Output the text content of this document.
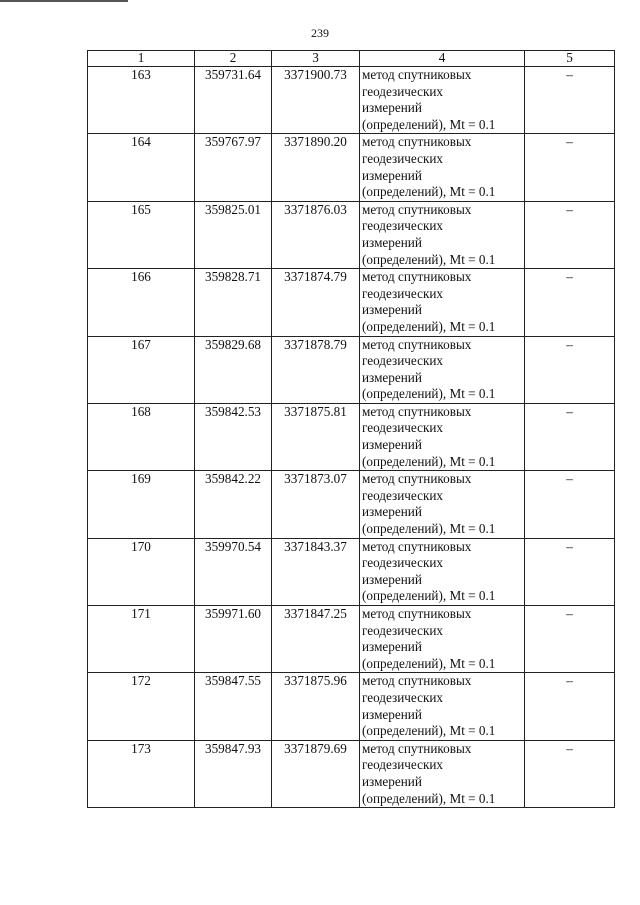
239
1	2	3	4	5
163	359731.64	3371900.73	метод спутниковых
геодезических
измерений
(определений), Mt = 0.1	–
164	359767.97	3371890.20	метод спутниковых
геодезических
измерений
(определений), Mt = 0.1	–
165	359825.01	3371876.03	метод спутниковых
геодезических
измерений
(определений), Mt = 0.1	–
166	359828.71	3371874.79	метод спутниковых
геодезических
измерений
(определений), Mt = 0.1	–
167	359829.68	3371878.79	метод спутниковых
геодезических
измерений
(определений), Mt = 0.1	–
168	359842.53	3371875.81	метод спутниковых
геодезических
измерений
(определений), Mt = 0.1	–
169	359842.22	3371873.07	метод спутниковых
геодезических
измерений
(определений), Mt = 0.1	–
170	359970.54	3371843.37	метод спутниковых
геодезических
измерений
(определений), Mt = 0.1	–
171	359971.60	3371847.25	метод спутниковых
геодезических
измерений
(определений), Mt = 0.1	–
172	359847.55	3371875.96	метод спутниковых
геодезических
измерений
(определений), Mt = 0.1	–
173	359847.93	3371879.69	метод спутниковых
геодезических
измерений
(определений), Mt = 0.1	–
